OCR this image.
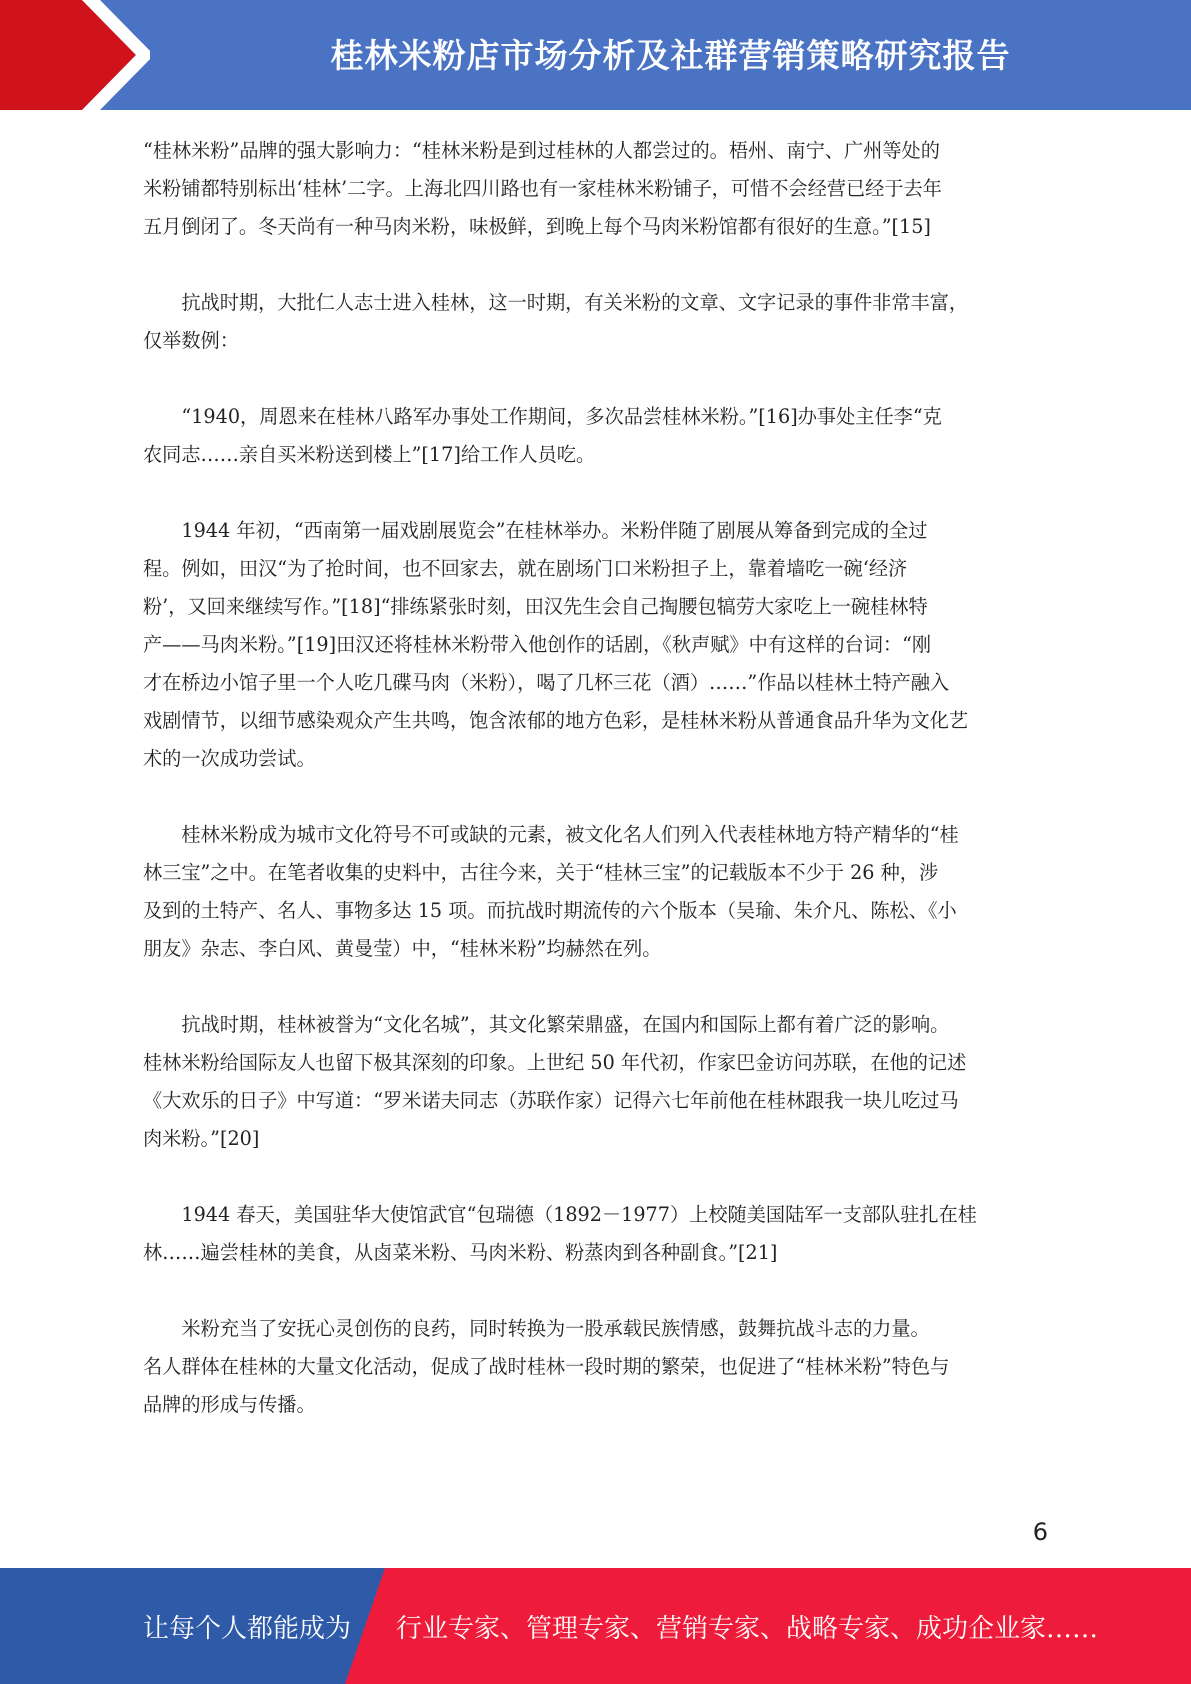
桂林米粉店市场分析及社群营销策略研究报告

“桂林米粉”品牌的强大影响力：“桂林米粉是到过桂林的人都尝过的。梧州、南宁、广州等处的
米粉铺都特别标出‘桂林’二字。上海北四川路也有一家桂林米粉铺子，可惜不会经营已经于去年
五月倒闭了。冬天尚有一种马肉米粉，味极鲜，到晚上每个马肉米粉馆都有很好的生意。”[15]

抗战时期，大批仁人志士进入桂林，这一时期，有关米粉的文章、文字记录的事件非常丰富，
仅举数例：

“1940，周恩来在桂林八路军办事处工作期间，多次品尝桂林米粉。”[16]办事处主任李“克
农同志……亲自买米粉送到楼上”[17]给工作人员吃。

1944 年初，“西南第一届戏剧展览会”在桂林举办。米粉伴随了剧展从筹备到完成的全过
程。例如，田汉“为了抢时间，也不回家去，就在剧场门口米粉担子上，靠着墙吃一碗‘经济
粉’，又回来继续写作。”[18]“排练紧张时刻，田汉先生会自己掏腰包犒劳大家吃上一碗桂林特
产——马肉米粉。”[19]田汉还将桂林米粉带入他创作的话剧，《秋声赋》中有这样的台词：“刚
才在桥边小馆子里一个人吃几碟马肉（米粉），喝了几杯三花（酒）……”作品以桂林土特产融入
戏剧情节，以细节感染观众产生共鸣，饱含浓郁的地方色彩，是桂林米粉从普通食品升华为文化艺
术的一次成功尝试。

桂林米粉成为城市文化符号不可或缺的元素，被文化名人们列入代表桂林地方特产精华的“桂
林三宝”之中。在笔者收集的史料中，古往今来，关于“桂林三宝”的记载版本不少于 26 种，涉
及到的土特产、名人、事物多达 15 项。而抗战时期流传的六个版本（吴瑜、朱介凡、陈松、《小
朋友》杂志、李白风、黄曼莹）中，“桂林米粉”均赫然在列。

抗战时期，桂林被誉为“文化名城”，其文化繁荣鼎盛，在国内和国际上都有着广泛的影响。
桂林米粉给国际友人也留下极其深刻的印象。上世纪 50 年代初，作家巴金访问苏联，在他的记述
《大欢乐的日子》中写道：“罗米诺夫同志（苏联作家）记得六七年前他在桂林跟我一块儿吃过马
肉米粉。”[20]

1944 春天，美国驻华大使馆武官“包瑞德（1892－1977）上校随美国陆军一支部队驻扎在桂
林……遍尝桂林的美食，从卤菜米粉、马肉米粉、粉蒸肉到各种副食。”[21]

米粉充当了安抚心灵创伤的良药，同时转换为一股承载民族情感，鼓舞抗战斗志的力量。
名人群体在桂林的大量文化活动，促成了战时桂林一段时期的繁荣，也促进了“桂林米粉”特色与
品牌的形成与传播。

6
让每个人都能成为 行业专家、管理专家、营销专家、战略专家、成功企业家……
